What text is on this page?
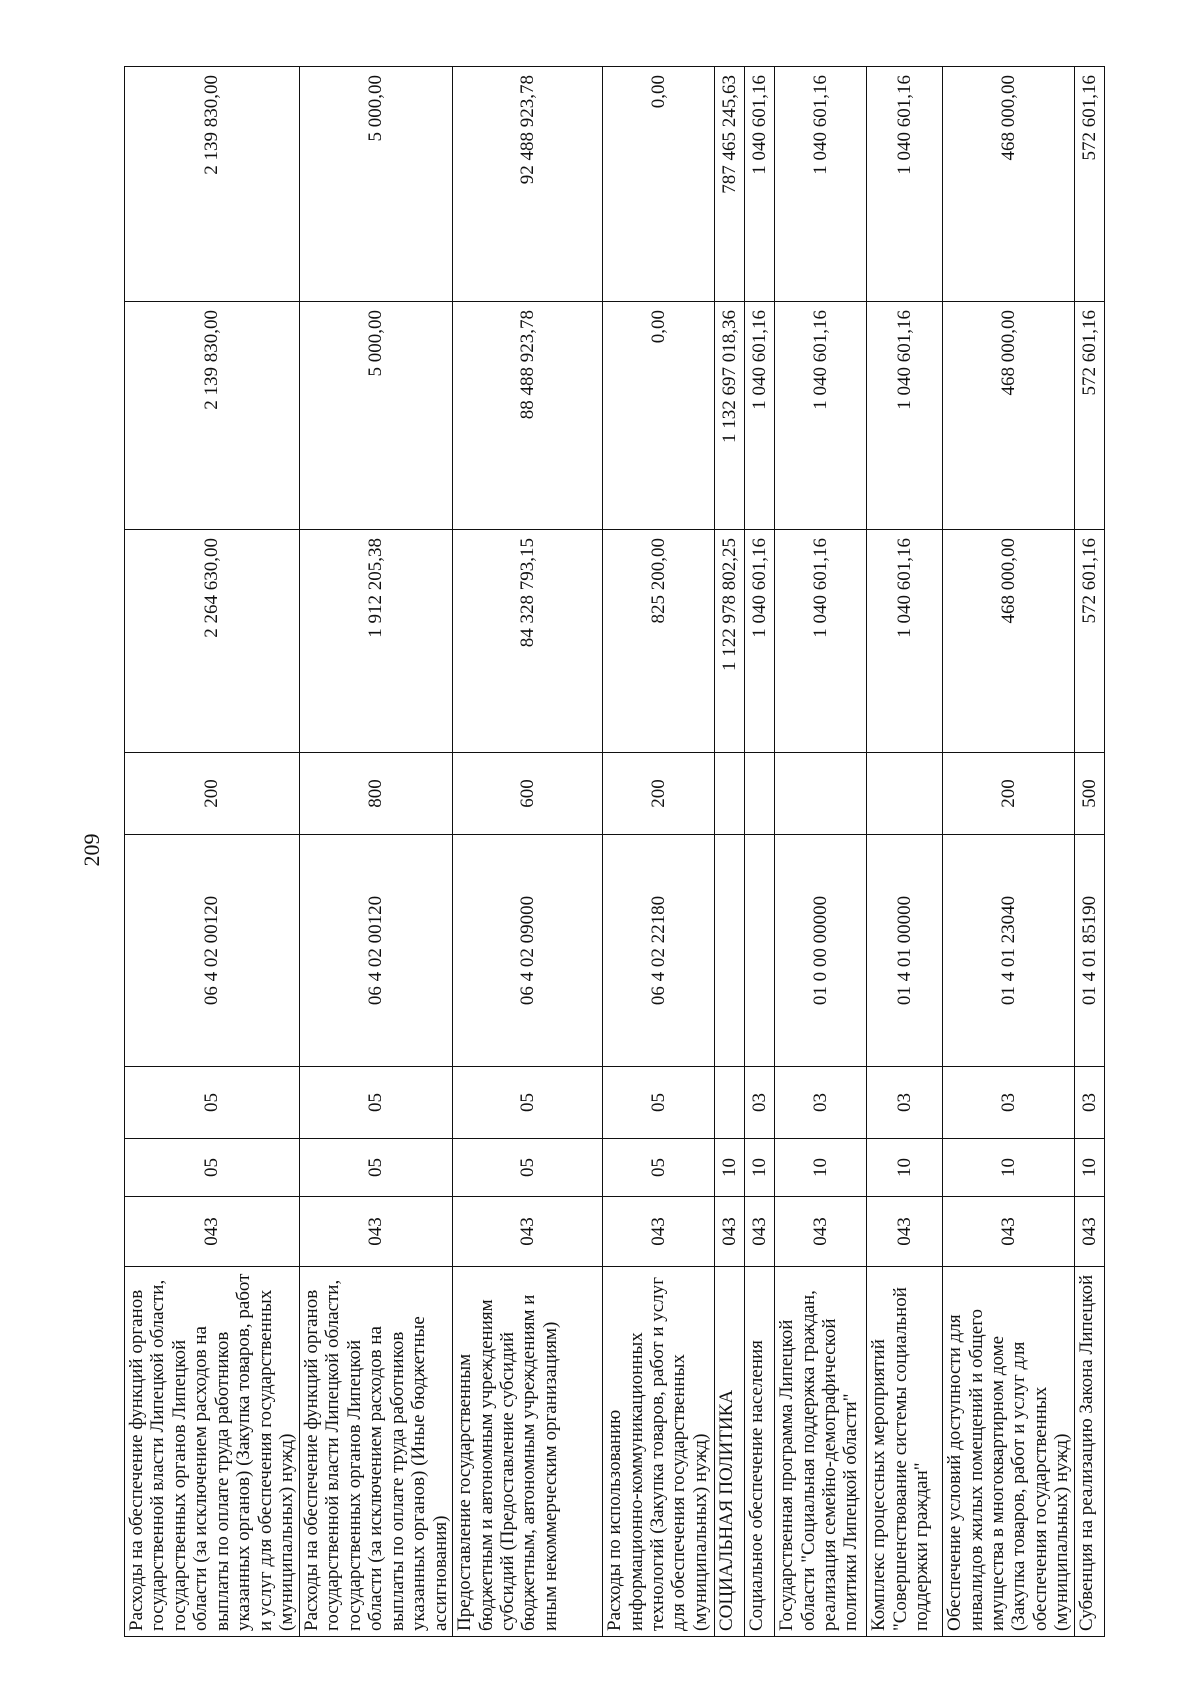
209
Расходы на обеспечение функций органов государственной власти Липецкой области, государственных органов Липецкой области (за исключением расходов на выплаты по оплате труда работников указанных органов) (Закупка товаров, работ и услуг для обеспечения государственных (муниципальных) нужд)	043	05	05	06 4 02 00120	200	2 264 630,00	2 139 830,00	2 139 830,00
Расходы на обеспечение функций органов государственной власти Липецкой области, государственных органов Липецкой области (за исключением расходов на выплаты по оплате труда работников указанных органов) (Иные бюджетные ассигнования)	043	05	05	06 4 02 00120	800	1 912 205,38	5 000,00	5 000,00
Предоставление государственным бюджетным и автономным учреждениям субсидий (Предоставление субсидий бюджетным, автономным учреждениям и иным некоммерческим организациям)	043	05	05	06 4 02 09000	600	84 328 793,15	88 488 923,78	92 488 923,78
Расходы по использованию информационно-коммуникационных технологий (Закупка товаров, работ и услуг для обеспечения государственных (муниципальных) нужд)	043	05	05	06 4 02 22180	200	825 200,00	0,00	0,00
СОЦИАЛЬНАЯ ПОЛИТИКА	043	10				1 122 978 802,25	1 132 697 018,36	787 465 245,63
Социальное обеспечение населения	043	10	03			1 040 601,16	1 040 601,16	1 040 601,16
Государственная программа Липецкой области "Социальная поддержка граждан, реализация семейно-демографической политики Липецкой области"	043	10	03	01 0 00 00000		1 040 601,16	1 040 601,16	1 040 601,16
Комплекс процессных мероприятий "Совершенствование системы социальной поддержки граждан"	043	10	03	01 4 01 00000		1 040 601,16	1 040 601,16	1 040 601,16
Обеспечение условий доступности для инвалидов жилых помещений и общего имущества в многоквартирном доме (Закупка товаров, работ и услуг для обеспечения государственных (муниципальных) нужд)	043	10	03	01 4 01 23040	200	468 000,00	468 000,00	468 000,00
Субвенция на реализацию Закона Липецкой	043	10	03	01 4 01 85190	500	572 601,16	572 601,16	572 601,16
